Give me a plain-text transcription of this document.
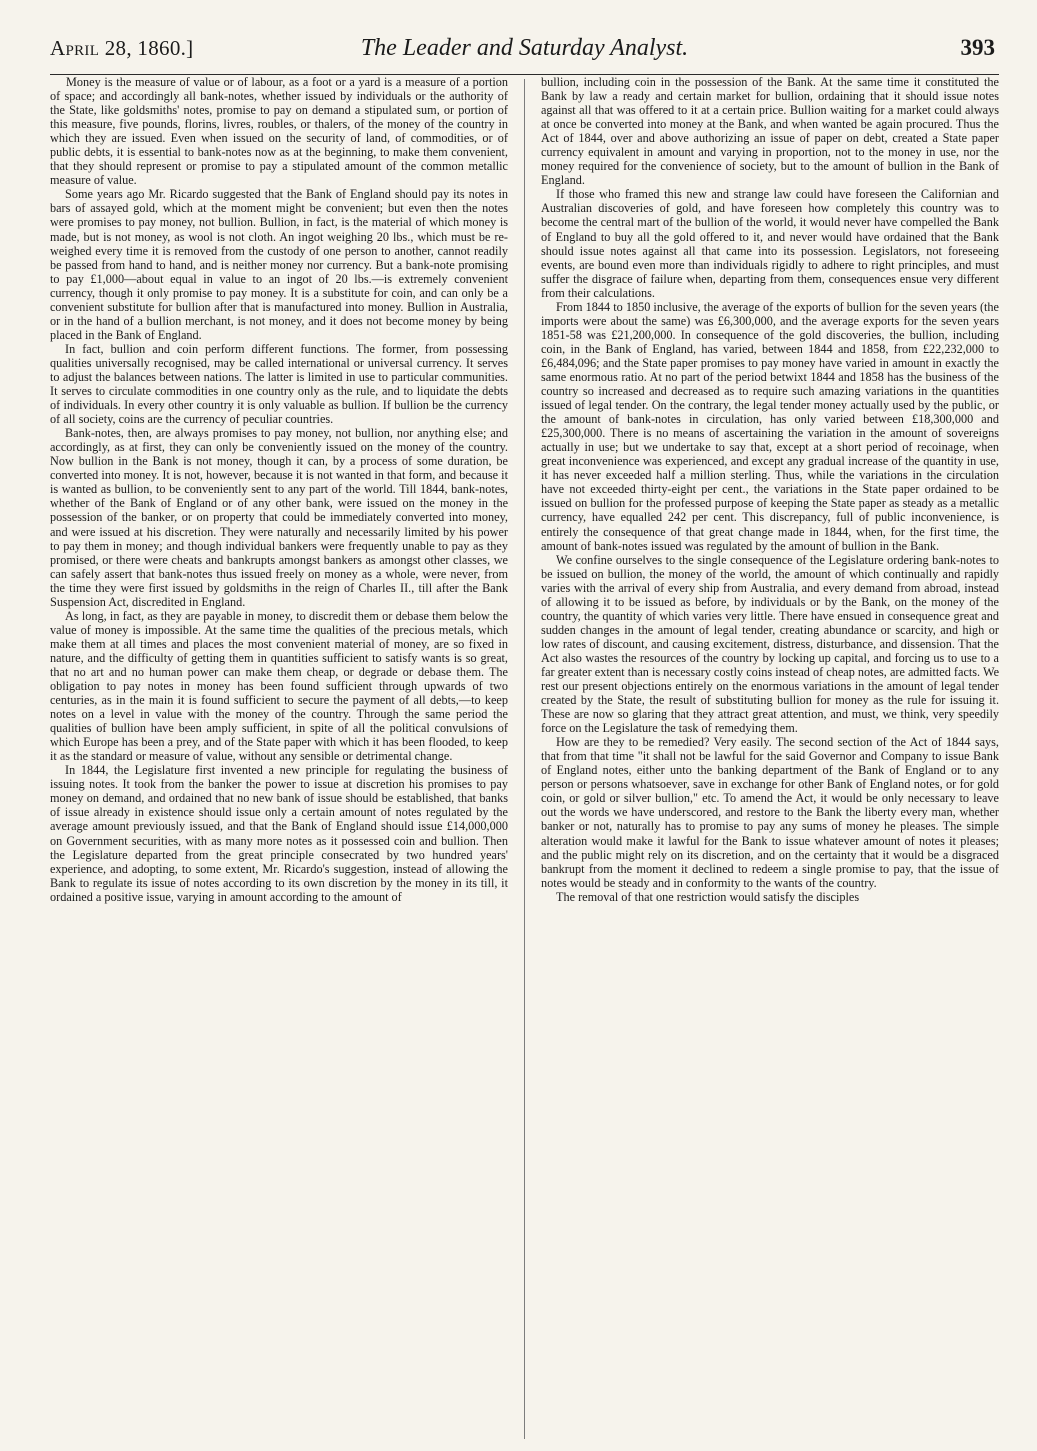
April 28, 1860.]	The Leader and Saturday Analyst.	393

Money is the measure of value or of labour, as a foot or a yard is a measure of a portion of space; and accordingly all bank-notes, whether issued by individuals or the authority of the State, like goldsmiths' notes, promise to pay on demand a stipulated sum, or portion of this measure, five pounds, florins, livres, roubles, or thalers, of the money of the country in which they are issued. Even when issued on the security of land, of commodities, or of public debts, it is essential to bank-notes now as at the beginning, to make them convenient, that they should represent or promise to pay a stipulated amount of the common metallic measure of value.

Some years ago Mr. Ricardo suggested that the Bank of England should pay its notes in bars of assayed gold, which at the moment might be convenient; but even then the notes were promises to pay money, not bullion. Bullion, in fact, is the material of which money is made, but is not money, as wool is not cloth. An ingot weighing 20 lbs., which must be re-weighed every time it is removed from the custody of one person to another, cannot readily be passed from hand to hand, and is neither money nor currency. But a bank-note promising to pay £1,000—about equal in value to an ingot of 20 lbs.—is extremely convenient currency, though it only promise to pay money. It is a substitute for coin, and can only be a convenient substitute for bullion after that is manufactured into money. Bullion in Australia, or in the hand of a bullion merchant, is not money, and it does not become money by being placed in the Bank of England.

In fact, bullion and coin perform different functions. The former, from possessing qualities universally recognised, may be called international or universal currency. It serves to adjust the balances between nations. The latter is limited in use to particular communities. It serves to circulate commodities in one country only as the rule, and to liquidate the debts of individuals. In every other country it is only valuable as bullion. If bullion be the currency of all society, coins are the currency of peculiar countries.

Bank-notes, then, are always promises to pay money, not bullion, nor anything else; and accordingly, as at first, they can only be conveniently issued on the money of the country. Now bullion in the Bank is not money, though it can, by a process of some duration, be converted into money. It is not, however, because it is not wanted in that form, and because it is wanted as bullion, to be conveniently sent to any part of the world. Till 1844, bank-notes, whether of the Bank of England or of any other bank, were issued on the money in the possession of the banker, or on property that could be immediately converted into money, and were issued at his discretion. They were naturally and necessarily limited by his power to pay them in money; and though individual bankers were frequently unable to pay as they promised, or there were cheats and bankrupts amongst bankers as amongst other classes, we can safely assert that bank-notes thus issued freely on money as a whole, were never, from the time they were first issued by goldsmiths in the reign of Charles II., till after the Bank Suspension Act, discredited in England.

As long, in fact, as they are payable in money, to discredit them or debase them below the value of money is impossible. At the same time the qualities of the precious metals, which make them at all times and places the most convenient material of money, are so fixed in nature, and the difficulty of getting them in quantities sufficient to satisfy wants is so great, that no art and no human power can make them cheap, or degrade or debase them. The obligation to pay notes in money has been found sufficient through upwards of two centuries, as in the main it is found sufficient to secure the payment of all debts,—to keep notes on a level in value with the money of the country. Through the same period the qualities of bullion have been amply sufficient, in spite of all the political convulsions of which Europe has been a prey, and of the State paper with which it has been flooded, to keep it as the standard or measure of value, without any sensible or detrimental change.

In 1844, the Legislature first invented a new principle for regulating the business of issuing notes. It took from the banker the power to issue at discretion his promises to pay money on demand, and ordained that no new bank of issue should be established, that banks of issue already in existence should issue only a certain amount of notes regulated by the average amount previously issued, and that the Bank of England should issue £14,000,000 on Government securities, with as many more notes as it possessed coin and bullion. Then the Legislature departed from the great principle consecrated by two hundred years' experience, and adopting, to some extent, Mr. Ricardo's suggestion, instead of allowing the Bank to regulate its issue of notes according to its own discretion by the money in its till, it ordained a positive issue, varying in amount according to the amount of

bullion, including coin in the possession of the Bank. At the same time it constituted the Bank by law a ready and certain market for bullion, ordaining that it should issue notes against all that was offered to it at a certain price. Bullion waiting for a market could always at once be converted into money at the Bank, and when wanted be again procured. Thus the Act of 1844, over and above authorizing an issue of paper on debt, created a State paper currency equivalent in amount and varying in proportion, not to the money in use, nor the money required for the convenience of society, but to the amount of bullion in the Bank of England.

If those who framed this new and strange law could have foreseen the Californian and Australian discoveries of gold, and have foreseen how completely this country was to become the central mart of the bullion of the world, it would never have compelled the Bank of England to buy all the gold offered to it, and never would have ordained that the Bank should issue notes against all that came into its possession. Legislators, not foreseeing events, are bound even more than individuals rigidly to adhere to right principles, and must suffer the disgrace of failure when, departing from them, consequences ensue very different from their calculations.

From 1844 to 1850 inclusive, the average of the exports of bullion for the seven years (the imports were about the same) was £6,300,000, and the average exports for the seven years 1851-58 was £21,200,000. In consequence of the gold discoveries, the bullion, including coin, in the Bank of England, has varied, between 1844 and 1858, from £22,232,000 to £6,484,096; and the State paper promises to pay money have varied in amount in exactly the same enormous ratio. At no part of the period betwixt 1844 and 1858 has the business of the country so increased and decreased as to require such amazing variations in the quantities issued of legal tender. On the contrary, the legal tender money actually used by the public, or the amount of bank-notes in circulation, has only varied between £18,300,000 and £25,300,000. There is no means of ascertaining the variation in the amount of sovereigns actually in use; but we undertake to say that, except at a short period of recoinage, when great inconvenience was experienced, and except any gradual increase of the quantity in use, it has never exceeded half a million sterling. Thus, while the variations in the circulation have not exceeded thirty-eight per cent., the variations in the State paper ordained to be issued on bullion for the professed purpose of keeping the State paper as steady as a metallic currency, have equalled 242 per cent. This discrepancy, full of public inconvenience, is entirely the consequence of that great change made in 1844, when, for the first time, the amount of bank-notes issued was regulated by the amount of bullion in the Bank.

We confine ourselves to the single consequence of the Legislature ordering bank-notes to be issued on bullion, the money of the world, the amount of which continually and rapidly varies with the arrival of every ship from Australia, and every demand from abroad, instead of allowing it to be issued as before, by individuals or by the Bank, on the money of the country, the quantity of which varies very little. There have ensued in consequence great and sudden changes in the amount of legal tender, creating abundance or scarcity, and high or low rates of discount, and causing excitement, distress, disturbance, and dissension. That the Act also wastes the resources of the country by locking up capital, and forcing us to use to a far greater extent than is necessary costly coins instead of cheap notes, are admitted facts. We rest our present objections entirely on the enormous variations in the amount of legal tender created by the State, the result of substituting bullion for money as the rule for issuing it. These are now so glaring that they attract great attention, and must, we think, very speedily force on the Legislature the task of remedying them.

How are they to be remedied? Very easily. The second section of the Act of 1844 says, that from that time "it shall not be lawful for the said Governor and Company to issue Bank of England notes, either unto the banking department of the Bank of England or to any person or persons whatsoever, save in exchange for other Bank of England notes, or for gold coin, or gold or silver bullion," etc. To amend the Act, it would be only necessary to leave out the words we have underscored, and restore to the Bank the liberty every man, whether banker or not, naturally has to promise to pay any sums of money he pleases. The simple alteration would make it lawful for the Bank to issue whatever amount of notes it pleases; and the public might rely on its discretion, and on the certainty that it would be a disgraced bankrupt from the moment it declined to redeem a single promise to pay, that the issue of notes would be steady and in conformity to the wants of the country.

The removal of that one restriction would satisfy the disciples
